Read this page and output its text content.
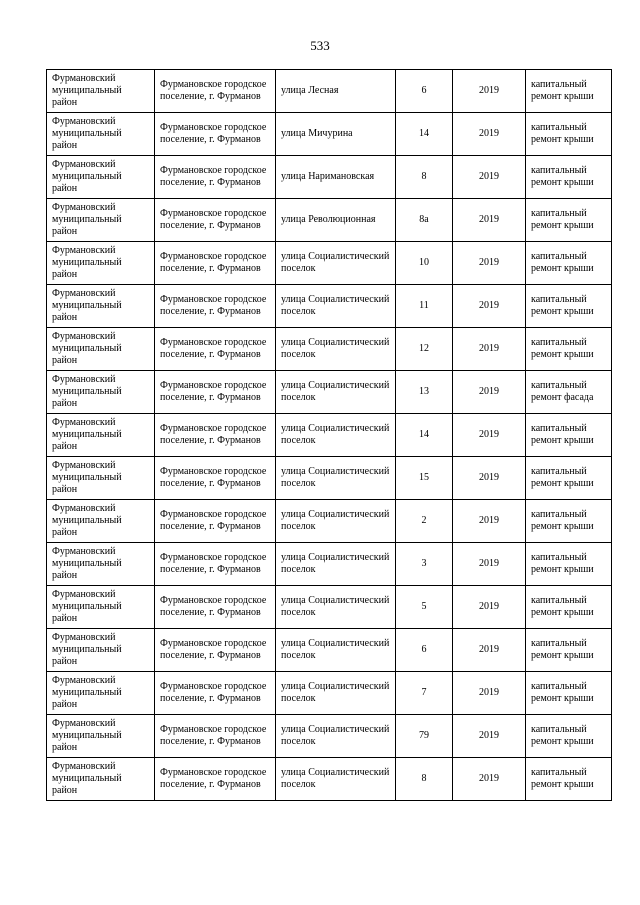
533
Фурмановский муниципальный район	Фурмановское городское поселение, г. Фурманов	улица Лесная	6	2019	капитальный ремонт крыши
Фурмановский муниципальный район	Фурмановское городское поселение, г. Фурманов	улица Мичурина	14	2019	капитальный ремонт крыши
Фурмановский муниципальный район	Фурмановское городское поселение, г. Фурманов	улица Наримановская	8	2019	капитальный ремонт крыши
Фурмановский муниципальный район	Фурмановское городское поселение, г. Фурманов	улица Революционная	8а	2019	капитальный ремонт крыши
Фурмановский муниципальный район	Фурмановское городское поселение, г. Фурманов	улица Социалистический поселок	10	2019	капитальный ремонт крыши
Фурмановский муниципальный район	Фурмановское городское поселение, г. Фурманов	улица Социалистический поселок	11	2019	капитальный ремонт крыши
Фурмановский муниципальный район	Фурмановское городское поселение, г. Фурманов	улица Социалистический поселок	12	2019	капитальный ремонт крыши
Фурмановский муниципальный район	Фурмановское городское поселение, г. Фурманов	улица Социалистический поселок	13	2019	капитальный ремонт фасада
Фурмановский муниципальный район	Фурмановское городское поселение, г. Фурманов	улица Социалистический поселок	14	2019	капитальный ремонт крыши
Фурмановский муниципальный район	Фурмановское городское поселение, г. Фурманов	улица Социалистический поселок	15	2019	капитальный ремонт крыши
Фурмановский муниципальный район	Фурмановское городское поселение, г. Фурманов	улица Социалистический поселок	2	2019	капитальный ремонт крыши
Фурмановский муниципальный район	Фурмановское городское поселение, г. Фурманов	улица Социалистический поселок	3	2019	капитальный ремонт крыши
Фурмановский муниципальный район	Фурмановское городское поселение, г. Фурманов	улица Социалистический поселок	5	2019	капитальный ремонт крыши
Фурмановский муниципальный район	Фурмановское городское поселение, г. Фурманов	улица Социалистический поселок	6	2019	капитальный ремонт крыши
Фурмановский муниципальный район	Фурмановское городское поселение, г. Фурманов	улица Социалистический поселок	7	2019	капитальный ремонт крыши
Фурмановский муниципальный район	Фурмановское городское поселение, г. Фурманов	улица Социалистический поселок	79	2019	капитальный ремонт крыши
Фурмановский муниципальный район	Фурмановское городское поселение, г. Фурманов	улица Социалистический поселок	8	2019	капитальный ремонт крыши
